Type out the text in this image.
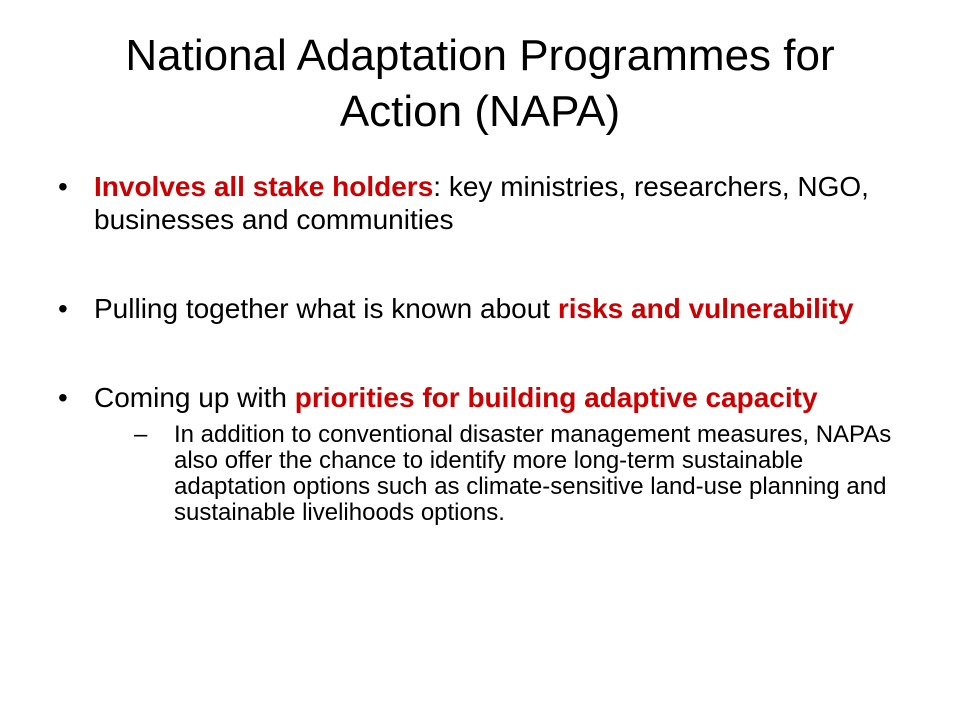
National Adaptation Programmes for
Action (NAPA)
• Involves all stake holders: key ministries, researchers, NGO, businesses and communities
• Pulling together what is known about risks and vulnerability
• Coming up with priorities for building adaptive capacity
– In addition to conventional disaster management measures, NAPAs also offer the chance to identify more long-term sustainable adaptation options such as climate-sensitive land-use planning and sustainable livelihoods options.
